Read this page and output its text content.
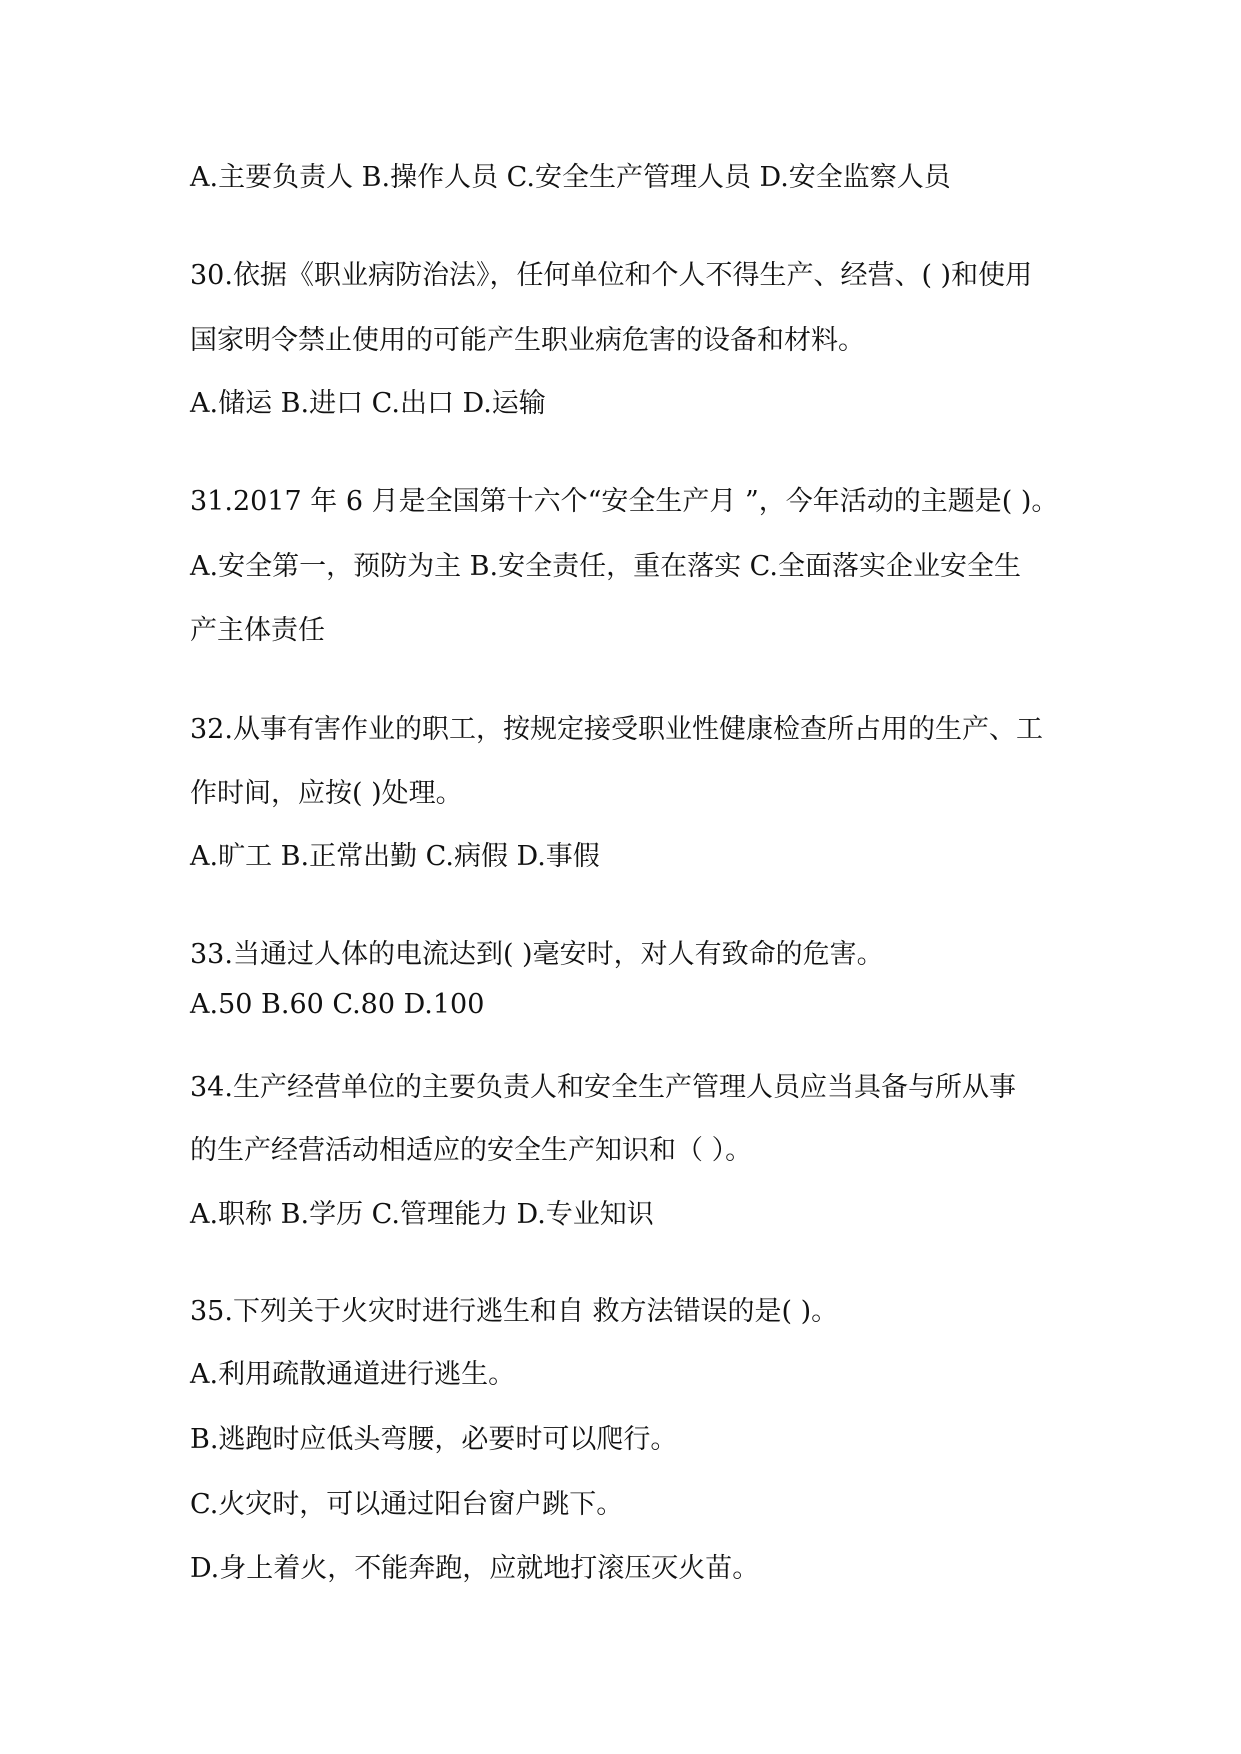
A.主要负责人 B.操作人员 C.安全生产管理人员 D.安全监察人员
30.依据《职业病防治法》，任何单位和个人不得生产、经营、( )和使用
国家明令禁止使用的可能产生职业病危害的设备和材料。
A.储运 B.进口 C.出口 D.运输
31.2017 年 6 月是全国第十六个“安全生产月 ”，今年活动的主题是( )。
A.安全第一，预防为主 B.安全责任，重在落实 C.全面落实企业安全生
产主体责任
32.从事有害作业的职工，按规定接受职业性健康检查所占用的生产、工
作时间，应按( )处理。
A.旷工 B.正常出勤 C.病假 D.事假
33.当通过人体的电流达到( )毫安时，对人有致命的危害。
A.50 B.60 C.80 D.100
34.生产经营单位的主要负责人和安全生产管理人员应当具备与所从事
的生产经营活动相适应的安全生产知识和（ ）。
A.职称 B.学历 C.管理能力 D.专业知识
35.下列关于火灾时进行逃生和自 救方法错误的是( )。
A.利用疏散通道进行逃生。
B.逃跑时应低头弯腰，必要时可以爬行。
C.火灾时，可以通过阳台窗户跳下。
D.身上着火，不能奔跑，应就地打滚压灭火苗。
